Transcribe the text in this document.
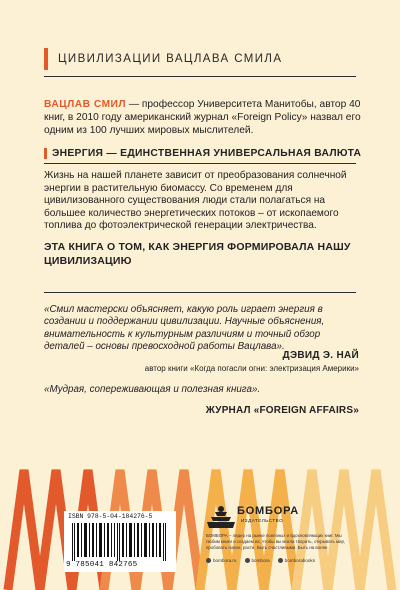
ЦИВИЛИЗАЦИИ ВАЦЛАВА СМИЛА
ВАЦЛАВ СМИЛ — профессор Университета Манитобы, автор 40 книг, в 2010 году американский журнал «Foreign Policy» назвал его одним из 100 лучших мировых мыслителей.
ЭНЕРГИЯ — ЕДИНСТВЕННАЯ УНИВЕРСАЛЬНАЯ ВАЛЮТА
Жизнь на нашей планете зависит от преобразования солнечной энергии в растительную биомассу. Со временем для цивилизованного существования люди стали полагаться на большее количество энергетических потоков – от ископаемого топлива до фотоэлектрической генерации электричества.
ЭТА КНИГА О ТОМ, КАК ЭНЕРГИЯ ФОРМИРОВАЛА НАШУ ЦИВИЛИЗАЦИЮ
«Смил мастерски объясняет, какую роль играет энергия в создании и поддержании цивилизации. Научные объяснения, внимательность к культурным различиям и точный обзор деталей – основы превосходной работы Вацлава».
ДЭВИД Э. НАЙ
автор книги «Когда погасли огни: электризация Америки»
«Мудрая, сопереживающая и полезная книга».
ЖУРНАЛ «FOREIGN AFFAIRS»
ISBN 978-5-04-184276-5
9 785041 842765
БОМБОРА
ИЗДАТЕЛЬСТВО
БОМБОРА – лидер на рынке полезных и вдохновляющих книг. Мы любим книги и создаем их, чтобы вы могли творить, открывать мир, пробовать новое, расти. Быть счастливыми. Быть на волне.
bombora.ru	bombora	bomborabooks
